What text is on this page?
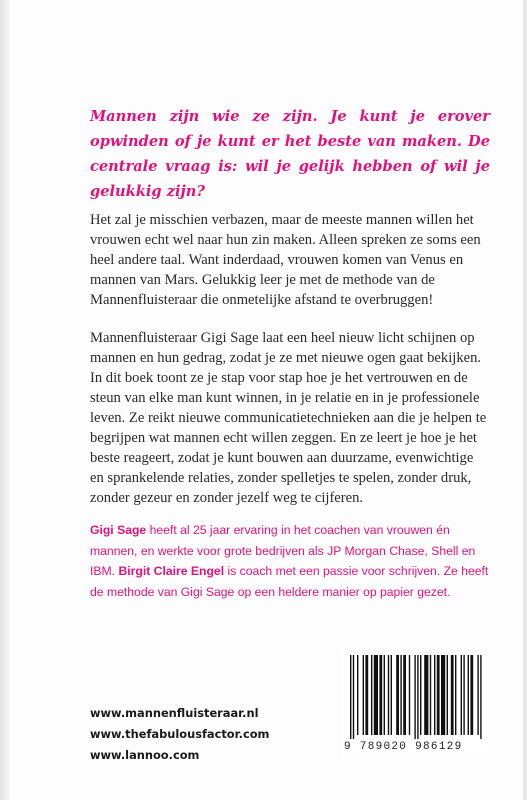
Mannen zijn wie ze zijn. Je kunt je erover opwinden of je kunt er het beste van maken. De centrale vraag is: wil je gelijk hebben of wil je gelukkig zijn?

Het zal je misschien verbazen, maar de meeste mannen willen het vrouwen echt wel naar hun zin maken. Alleen spreken ze soms een heel andere taal. Want inderdaad, vrouwen komen van Venus en mannen van Mars. Gelukkig leer je met de methode van de Mannenfluisteraar die onmetelijke afstand te overbruggen!

Mannenfluisteraar Gigi Sage laat een heel nieuw licht schijnen op mannen en hun gedrag, zodat je ze met nieuwe ogen gaat bekijken. In dit boek toont ze je stap voor stap hoe je het vertrouwen en de steun van elke man kunt winnen, in je relatie en in je professionele leven. Ze reikt nieuwe communicatietechnieken aan die je helpen te begrijpen wat mannen echt willen zeggen. En ze leert je hoe je het beste reageert, zodat je kunt bouwen aan duurzame, evenwichtige en sprankelende relaties, zonder spelletjes te spelen, zonder druk, zonder gezeur en zonder jezelf weg te cijferen.

Gigi Sage heeft al 25 jaar ervaring in het coachen van vrouwen én mannen, en werkte voor grote bedrijven als JP Morgan Chase, Shell en IBM. Birgit Claire Engel is coach met een passie voor schrijven. Ze heeft de methode van Gigi Sage op een heldere manier op papier gezet.

www.mannenfluisteraar.nl
www.thefabulousfactor.com
www.lannoo.com
9 789020 986129
